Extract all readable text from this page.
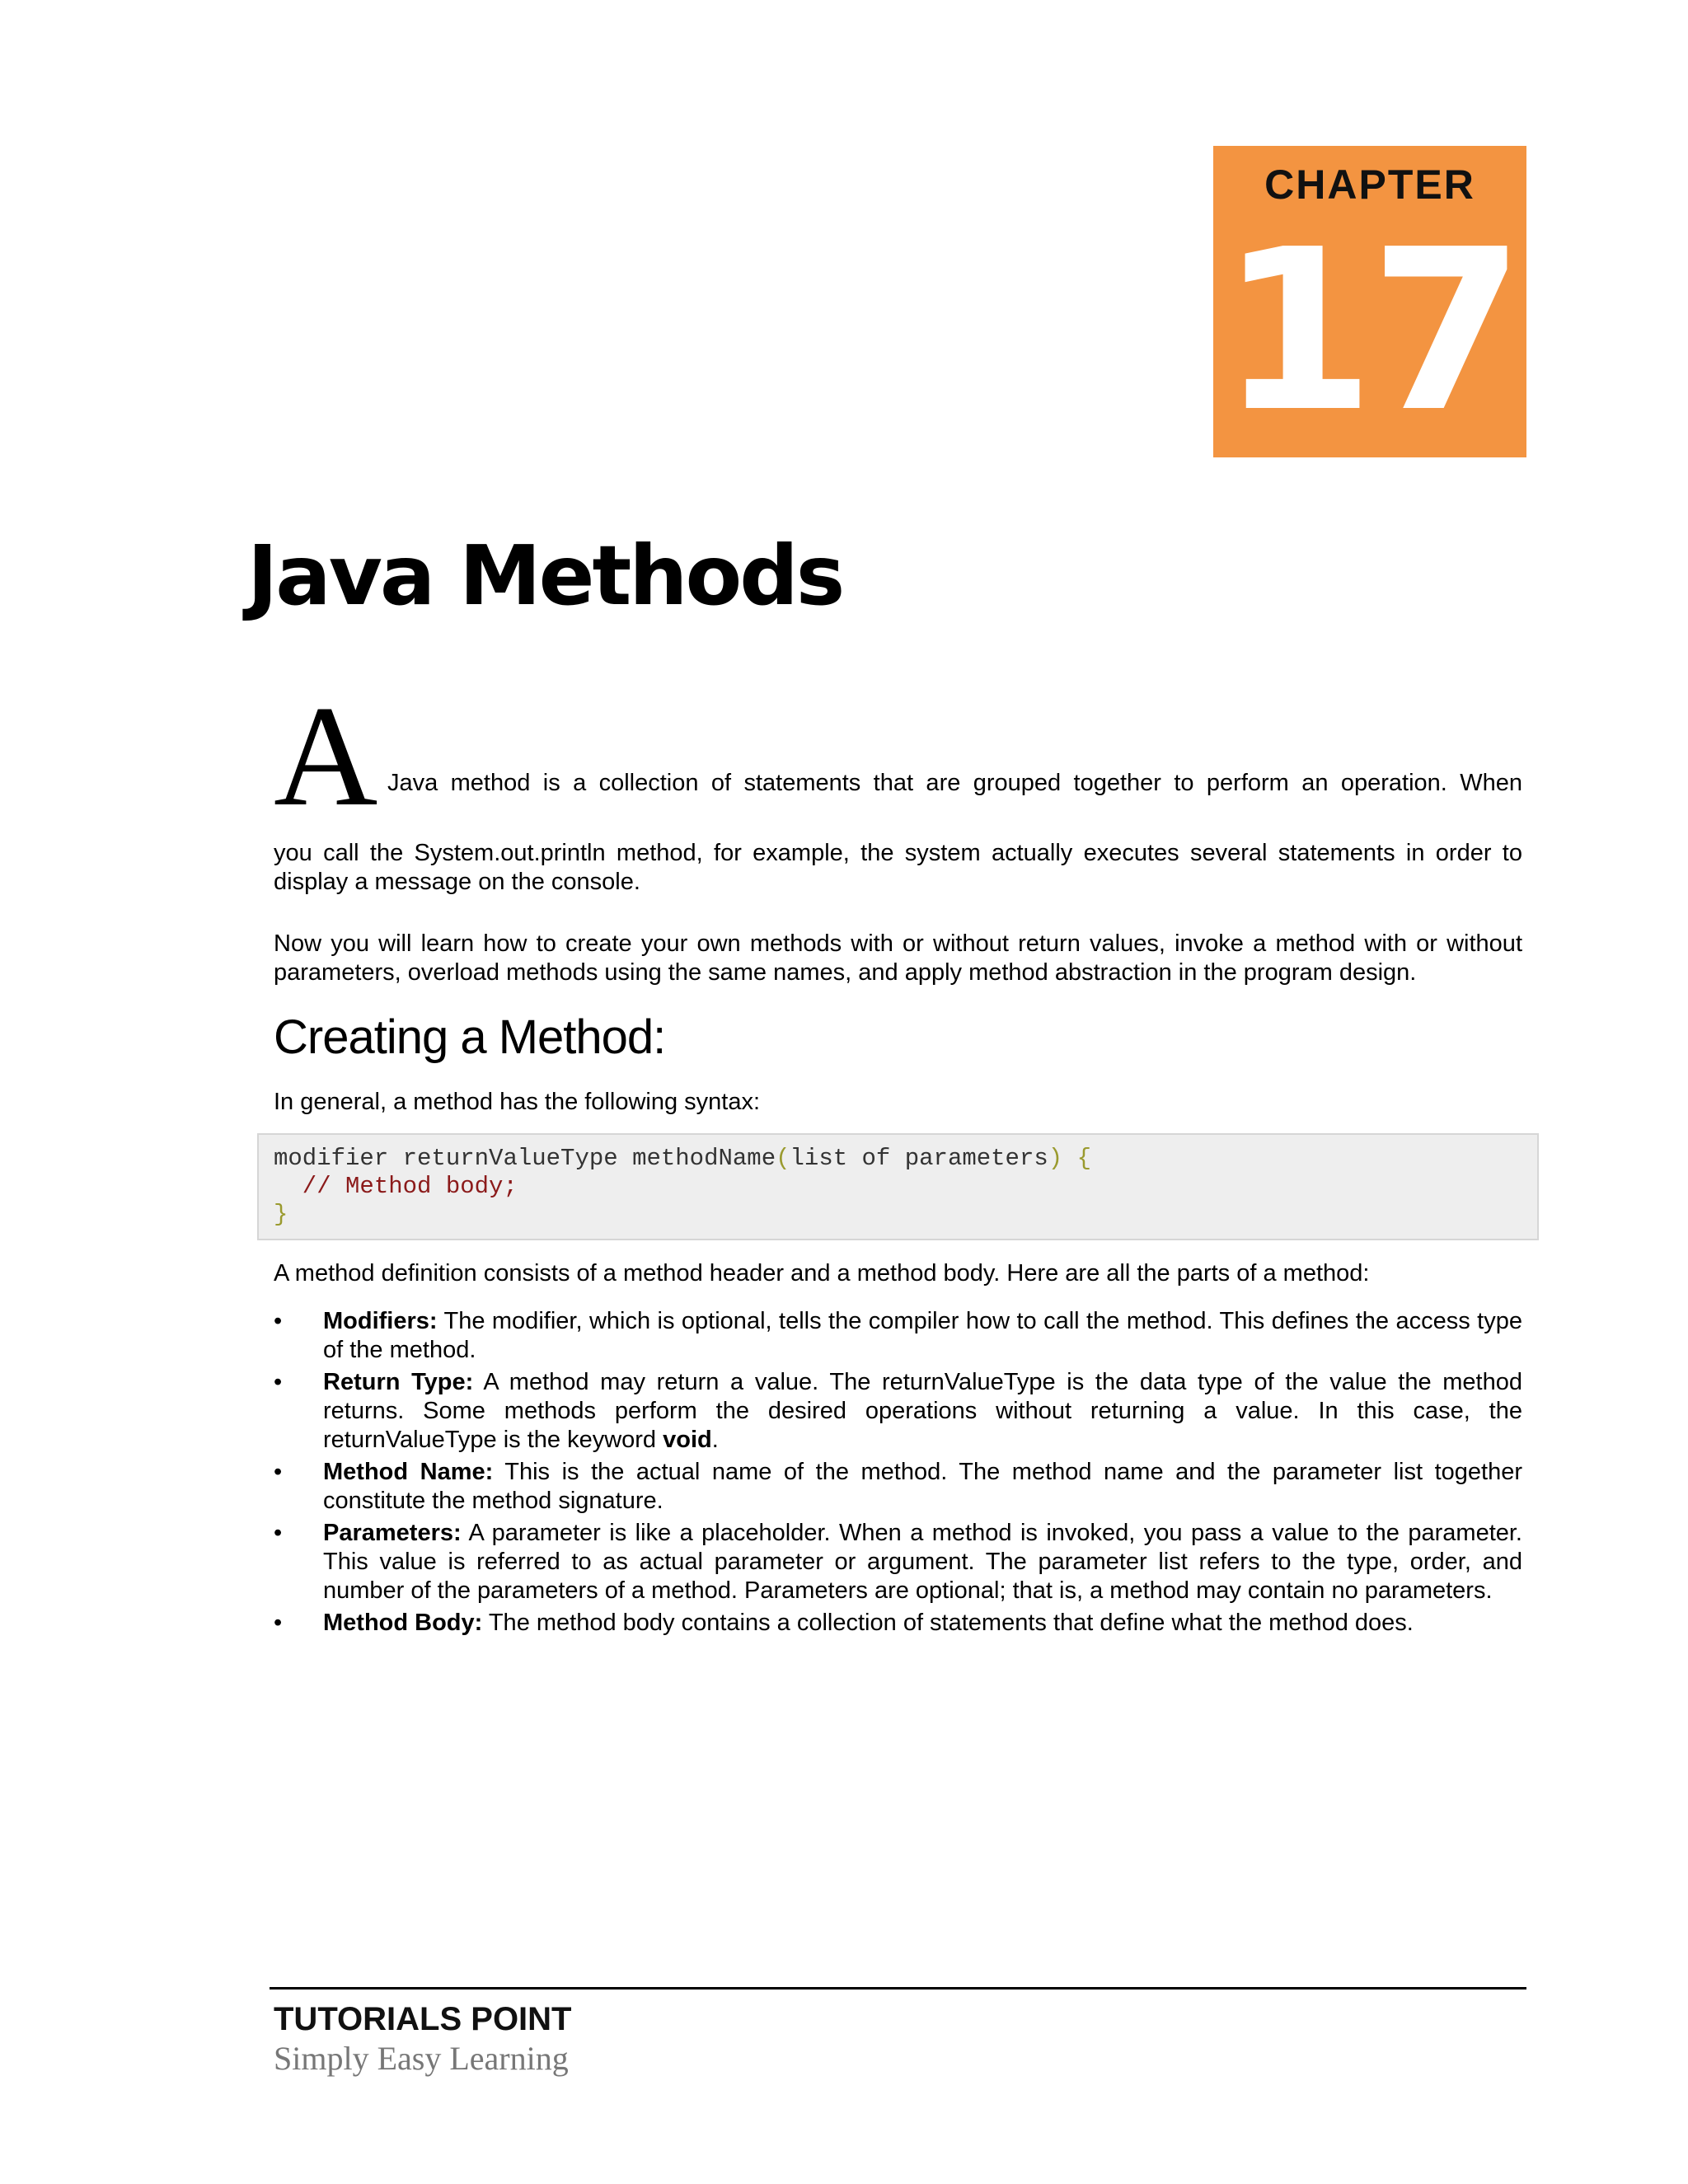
CHAPTER
17
Java Methods
A Java method is a collection of statements that are grouped together to perform an operation. When
you call the System.out.println method, for example, the system actually executes several statements in order to display a message on the console.
Now you will learn how to create your own methods with or without return values, invoke a method with or without parameters, overload methods using the same names, and apply method abstraction in the program design.
Creating a Method:
In general, a method has the following syntax:
modifier returnValueType methodName(list of parameters) {
// Method body;
}
A method definition consists of a method header and a method body. Here are all the parts of a method:
• Modifiers: The modifier, which is optional, tells the compiler how to call the method. This defines the access type of the method.
• Return Type: A method may return a value. The returnValueType is the data type of the value the method returns. Some methods perform the desired operations without returning a value. In this case, the returnValueType is the keyword void.
• Method Name: This is the actual name of the method. The method name and the parameter list together constitute the method signature.
• Parameters: A parameter is like a placeholder. When a method is invoked, you pass a value to the parameter. This value is referred to as actual parameter or argument. The parameter list refers to the type, order, and number of the parameters of a method. Parameters are optional; that is, a method may contain no parameters.
• Method Body: The method body contains a collection of statements that define what the method does.
TUTORIALS POINT
Simply Easy Learning
